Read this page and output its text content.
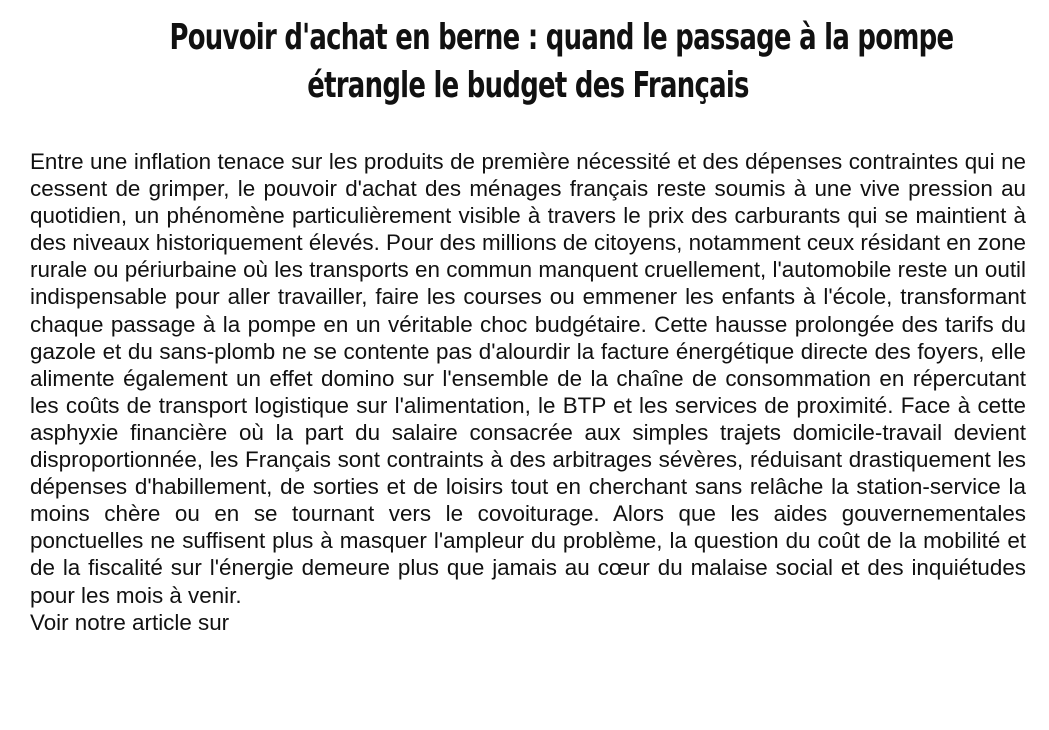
Pouvoir d'achat en berne : quand le passage à la pompe
étrangle le budget des Français

Entre une inflation tenace sur les produits de première nécessité et des dépenses contraintes qui ne cessent de grimper, le pouvoir d'achat des ménages français reste soumis à une vive pression au quotidien, un phénomène particulièrement visible à travers le prix des carburants qui se maintient à des niveaux historiquement élevés. Pour des millions de citoyens, notamment ceux résidant en zone rurale ou périurbaine où les transports en commun manquent cruellement, l'automobile reste un outil indispensable pour aller travailler, faire les courses ou emmener les enfants à l'école, transformant chaque passage à la pompe en un véritable choc budgétaire. Cette hausse prolongée des tarifs du gazole et du sans-plomb ne se contente pas d'alourdir la facture énergétique directe des foyers, elle alimente également un effet domino sur l'ensemble de la chaîne de consommation en répercutant les coûts de transport logistique sur l'alimentation, le BTP et les services de proximité. Face à cette asphyxie financière où la part du salaire consacrée aux simples trajets domicile-travail devient disproportionnée, les Français sont contraints à des arbitrages sévères, réduisant drastiquement les dépenses d'habillement, de sorties et de loisirs tout en cherchant sans relâche la station-service la moins chère ou en se tournant vers le covoiturage. Alors que les aides gouvernementales ponctuelles ne suffisent plus à masquer l'ampleur du problème, la question du coût de la mobilité et de la fiscalité sur l'énergie demeure plus que jamais au cœur du malaise social et des inquiétudes pour les mois à venir.

Voir notre article sur
